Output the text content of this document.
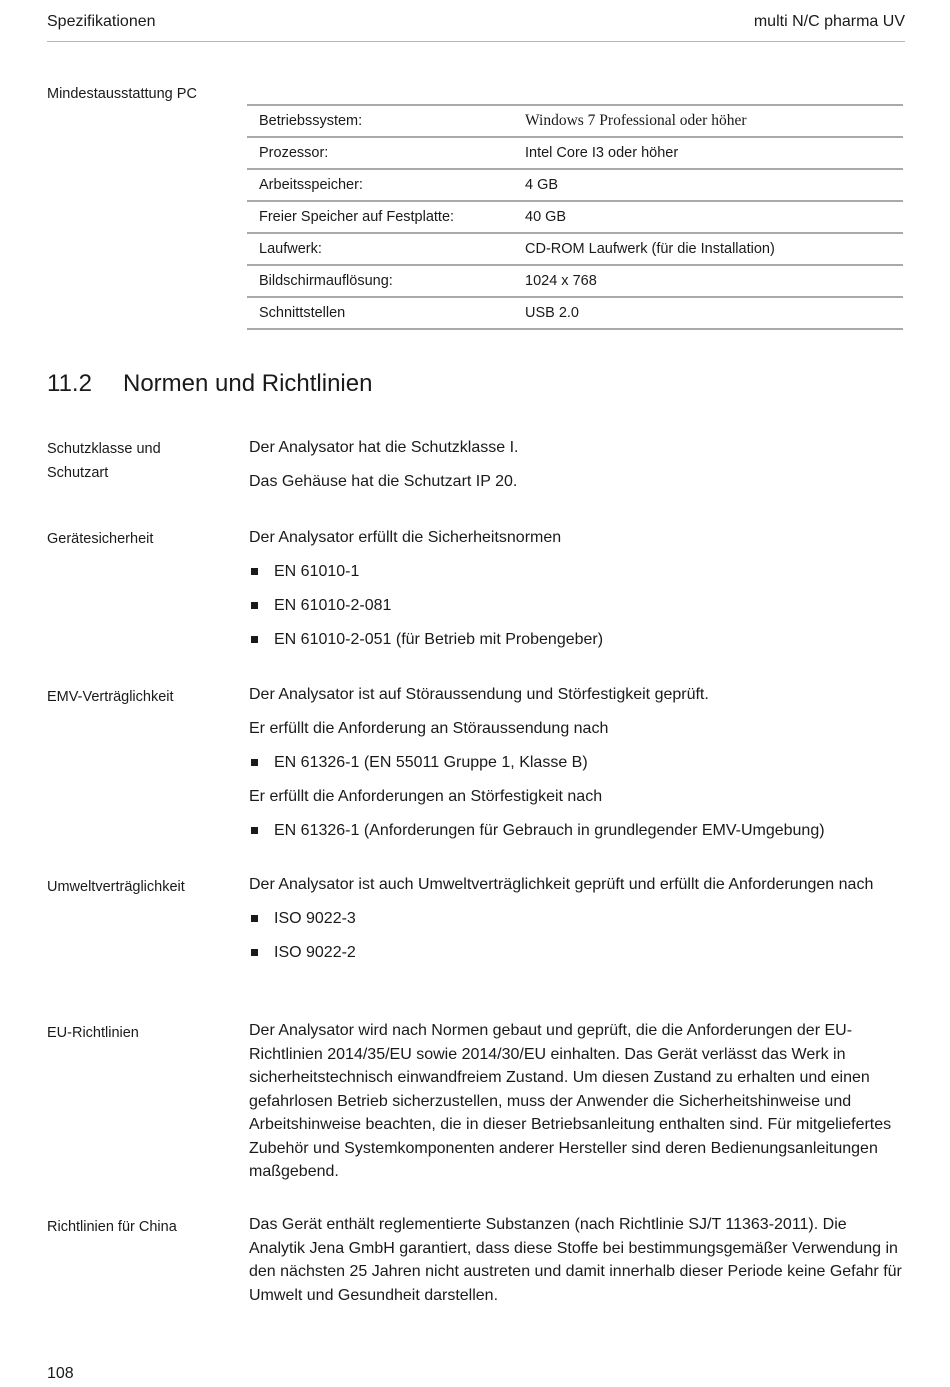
Spezifikationen	multi N/C pharma UV
Mindestausstattung PC
Betriebssystem:	Windows 7 Professional oder höher
Prozessor:	Intel Core I3 oder höher
Arbeitsspeicher:	4 GB
Freier Speicher auf Festplatte:	40 GB
Laufwerk:	CD-ROM Laufwerk (für die Installation)
Bildschirmauflösung:	1024 x 768
Schnittstellen	USB 2.0
11.2 Normen und Richtlinien
Schutzklasse und
Schutzart

Der Analysator hat die Schutzklasse I.

Das Gehäuse hat die Schutzart IP 20.

Gerätesicherheit	Der Analysator erfüllt die Sicherheitsnormen

EN 61010-1
EN 61010-2-081
EN 61010-2-051 (für Betrieb mit Probengeber)
EMV-Verträglichkeit	Der Analysator ist auf Störaussendung und Störfestigkeit geprüft.

Er erfüllt die Anforderung an Störaussendung nach

EN 61326-1 (EN 55011 Gruppe 1, Klasse B)

Er erfüllt die Anforderungen an Störfestigkeit nach

EN 61326-1 (Anforderungen für Gebrauch in grundlegender EMV-Umgebung)
Umweltverträglichkeit	Der Analysator ist auch Umweltverträglichkeit geprüft und erfüllt die Anforderungen nach

ISO 9022-3
ISO 9022-2
EU-Richtlinien	Der Analysator wird nach Normen gebaut und geprüft, die die Anforderungen der EU-Richtlinien 2014/35/EU sowie 2014/30/EU einhalten. Das Gerät verlässt das Werk in sicherheitstechnisch einwandfreiem Zustand. Um diesen Zustand zu erhalten und einen gefahrlosen Betrieb sicherzustellen, muss der Anwender die Sicherheitshinweise und Arbeitshinweise beachten, die in dieser Betriebsanleitung enthalten sind. Für mitgeliefertes Zubehör und Systemkomponenten anderer Hersteller sind deren Bedienungsanleitungen maßgebend.

Richtlinien für China	Das Gerät enthält reglementierte Substanzen (nach Richtlinie SJ/T 11363-2011). Die Analytik Jena GmbH garantiert, dass diese Stoffe bei bestimmungsgemäßer Verwendung in den nächsten 25 Jahren nicht austreten und damit innerhalb dieser Periode keine Gefahr für Umwelt und Gesundheit darstellen.

108
